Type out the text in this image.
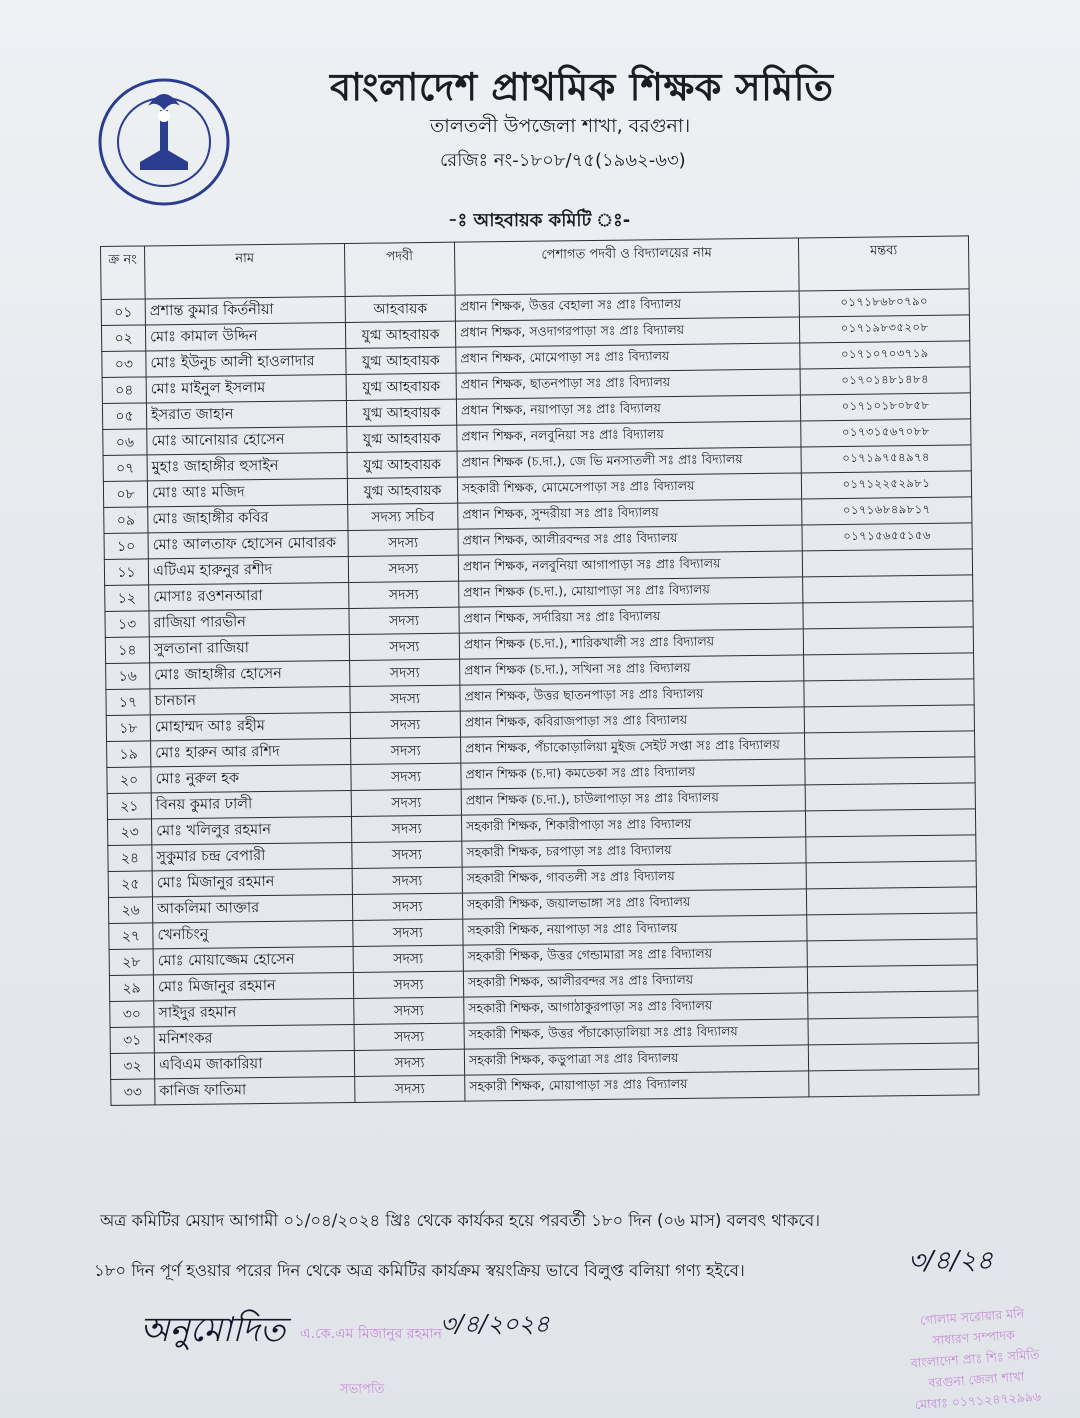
বাংলাদেশ প্রাথমিক শিক্ষক সমিতি
তালতলী উপজেলা শাখা, বরগুনা।
রেজিঃ নং-১৮০৮/৭৫(১৯৬২-৬৩)
-ঃ আহবায়ক কমিটি ঃ-
ক্র নং	নাম	পদবী	পেশাগত পদবী ও বিদ্যালয়ের নাম	মন্তব্য
০১	প্রশান্ত কুমার কির্তনীয়া	আহবায়ক	প্রধান শিক্ষক, উত্তর বেহালা সঃ প্রাঃ বিদ্যালয়	০১৭১৮৬৮০৭৯০
০২	মোঃ কামাল উদ্দিন	যুগ্ম আহবায়ক	প্রধান শিক্ষক, সওদাগরপাড়া সঃ প্রাঃ বিদ্যালয়	০১৭১৯৮৩৫২০৮
০৩	মোঃ ইউনুচ আলী হাওলাদার	যুগ্ম আহবায়ক	প্রধান শিক্ষক, মোমেপাড়া সঃ প্রাঃ বিদ্যালয়	০১৭১০৭০৩৭১৯
০৪	মোঃ মাইনুল ইসলাম	যুগ্ম আহবায়ক	প্রধান শিক্ষক, ছাতনপাড়া সঃ প্রাঃ বিদ্যালয়	০১৭০১৪৮১৪৮৪
০৫	ইসরাত জাহান	যুগ্ম আহবায়ক	প্রধান শিক্ষক, নয়াপাড়া সঃ প্রাঃ বিদ্যালয়	০১৭১০১৮০৮৫৮
০৬	মোঃ আনোয়ার হোসেন	যুগ্ম আহবায়ক	প্রধান শিক্ষক, নলবুনিয়া সঃ প্রাঃ বিদ্যালয়	০১৭৩১৫৬৭০৮৮
০৭	মুহাঃ জাহাঙ্গীর হুসাইন	যুগ্ম আহবায়ক	প্রধান শিক্ষক (চ.দা.), জে ভি মনসাতলী সঃ প্রাঃ বিদ্যালয়	০১৭১৯৭৫৪৯৭৪
০৮	মোঃ আঃ মজিদ	যুগ্ম আহবায়ক	সহকারী শিক্ষক, মোমেসেপাড়া সঃ প্রাঃ বিদ্যালয়	০১৭১২২৫২৯৮১
০৯	মোঃ জাহাঙ্গীর কবির	সদস্য সচিব	প্রধান শিক্ষক, সুন্দরীয়া সঃ প্রাঃ বিদ্যালয়	০১৭১৬৮৪৯৮১৭
১০	মোঃ আলতাফ হোসেন মোবারক	সদস্য	প্রধান শিক্ষক, আলীরবন্দর সঃ প্রাঃ বিদ্যালয়	০১৭১৫৬৫৫১৫৬
১১	এটিএম হারুনুর রশীদ	সদস্য	প্রধান শিক্ষক, নলবুনিয়া আগাপাড়া সঃ প্রাঃ বিদ্যালয়	
১২	মোসাঃ রওশনআরা	সদস্য	প্রধান শিক্ষক (চ.দা.), মোয়াপাড়া সঃ প্রাঃ বিদ্যালয়	
১৩	রাজিয়া পারভীন	সদস্য	প্রধান শিক্ষক, সর্দারিয়া সঃ প্রাঃ বিদ্যালয়	
১৪	সুলতানা রাজিয়া	সদস্য	প্রধান শিক্ষক (চ.দা.), শারিকখালী সঃ প্রাঃ বিদ্যালয়	
১৬	মোঃ জাহাঙ্গীর হোসেন	সদস্য	প্রধান শিক্ষক (চ.দা.), সখিনা সঃ প্রাঃ বিদ্যালয়	
১৭	চানচান	সদস্য	প্রধান শিক্ষক, উত্তর ছাতনপাড়া সঃ প্রাঃ বিদ্যালয়	
১৮	মোহাম্মদ আঃ রহীম	সদস্য	প্রধান শিক্ষক, কবিরাজপাড়া সঃ প্রাঃ বিদ্যালয়	
১৯	মোঃ হারুন আর রশিদ	সদস্য	প্রধান শিক্ষক, পঁচাকোড়ালিয়া মুইজ সেইট সপ্তা সঃ প্রাঃ বিদ্যালয়	
২০	মোঃ নুরুল হক	সদস্য	প্রধান শিক্ষক (চ.দা) কমডেকা সঃ প্রাঃ বিদ্যালয়	
২১	বিনয় কুমার ঢালী	সদস্য	প্রধান শিক্ষক (চ.দা.), চাউলাপাড়া সঃ প্রাঃ বিদ্যালয়	
২৩	মোঃ খলিলুর রহমান	সদস্য	সহকারী শিক্ষক, শিকারীপাড়া সঃ প্রাঃ বিদ্যালয়	
২৪	সুকুমার চন্দ্র বেপারী	সদস্য	সহকারী শিক্ষক, চরপাড়া সঃ প্রাঃ বিদ্যালয়	
২৫	মোঃ মিজানুর রহমান	সদস্য	সহকারী শিক্ষক, গাবতলী সঃ প্রাঃ বিদ্যালয়	
২৬	আকলিমা আক্তার	সদস্য	সহকারী শিক্ষক, জয়ালভাঙ্গা সঃ প্রাঃ বিদ্যালয়	
২৭	খেনচিংনু	সদস্য	সহকারী শিক্ষক, নয়াপাড়া সঃ প্রাঃ বিদ্যালয়	
২৮	মোঃ মোয়াজ্জেম হোসেন	সদস্য	সহকারী শিক্ষক, উত্তর গেন্ডামারা সঃ প্রাঃ বিদ্যালয়	
২৯	মোঃ মিজানুর রহমান	সদস্য	সহকারী শিক্ষক, আলীরবন্দর সঃ প্রাঃ বিদ্যালয়	
৩০	সাইদুর রহমান	সদস্য	সহকারী শিক্ষক, আগাঠাকুরপাড়া সঃ প্রাঃ বিদ্যালয়	
৩১	মনিশংকর	সদস্য	সহকারী শিক্ষক, উত্তর পঁচাকোড়ালিয়া সঃ প্রাঃ বিদ্যালয়	
৩২	এবিএম জাকারিয়া	সদস্য	সহকারী শিক্ষক, কড়ুপাত্রা সঃ প্রাঃ বিদ্যালয়	
৩৩	কানিজ ফাতিমা	সদস্য	সহকারী শিক্ষক, মোয়াপাড়া সঃ প্রাঃ বিদ্যালয়	
অত্র কমিটির মেয়াদ আগামী ০১/০৪/২০২৪ খ্রিঃ থেকে কার্যকর হয়ে পরবর্তী ১৮০ দিন (০৬ মাস) বলবৎ থাকবে।
১৮০ দিন পূর্ণ হওয়ার পরের দিন থেকে অত্র কমিটির কার্যক্রম স্বয়ংক্রিয় ভাবে বিলুপ্ত বলিয়া গণ্য হইবে।
অনুমোদিত	৩/৪/২০২৪
এ.কে.এম মিজানুর রহমান
সভাপতি
৩/৪/২৪
গোলাম সরোয়ার মনি
সাধারণ সম্পাদক
বাংলাদেশ প্রাঃ শিঃ সমিতি
বরগুনা জেলা শাখা
মোবাঃ ০১৭১২৪৭২৯৯৬
